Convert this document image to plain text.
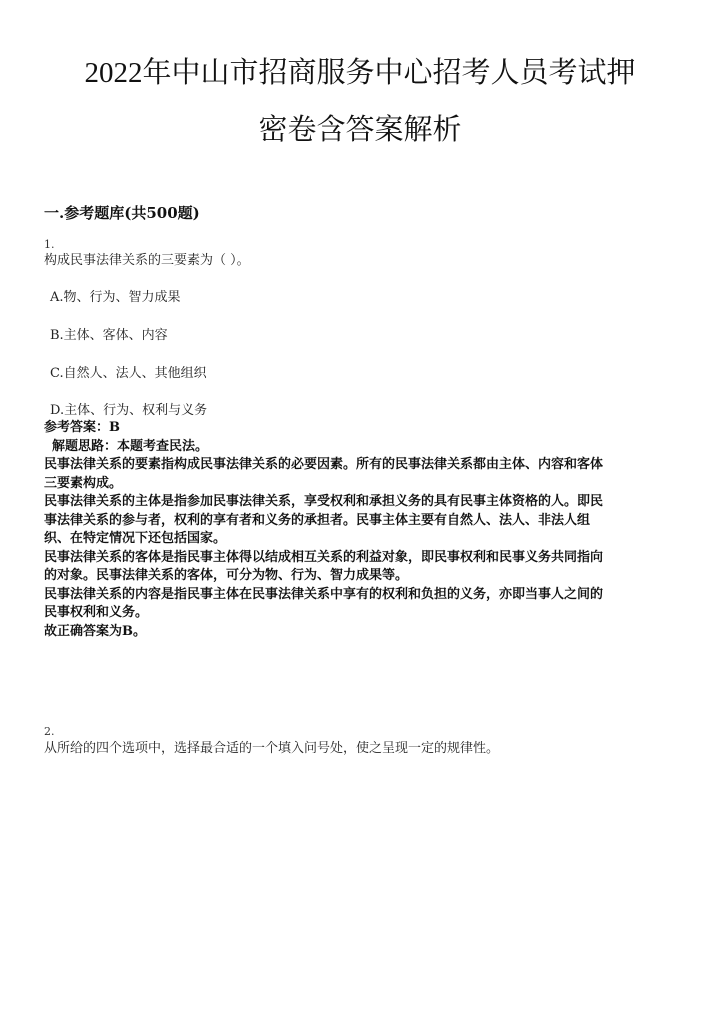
2022年中山市招商服务中心招考人员考试押
密卷含答案解析
一.参考题库(共500题)
1.
构成民事法律关系的三要素为（ ）。
A.物、行为、智力成果
B.主体、客体、内容
C.自然人、法人、其他组织
D.主体、行为、权利与义务
参考答案：B
解题思路：本题考查民法。
民事法律关系的要素指构成民事法律关系的必要因素。所有的民事法律关系都由主体、内容和客体
三要素构成。
民事法律关系的主体是指参加民事法律关系，享受权利和承担义务的具有民事主体资格的人。即民
事法律关系的参与者，权利的享有者和义务的承担者。民事主体主要有自然人、法人、非法人组
织、在特定情况下还包括国家。
民事法律关系的客体是指民事主体得以结成相互关系的利益对象，即民事权利和民事义务共同指向
的对象。民事法律关系的客体，可分为物、行为、智力成果等。
民事法律关系的内容是指民事主体在民事法律关系中享有的权利和负担的义务，亦即当事人之间的
民事权利和义务。
故正确答案为B。
2.
从所给的四个选项中，选择最合适的一个填入问号处，使之呈现一定的规律性。
